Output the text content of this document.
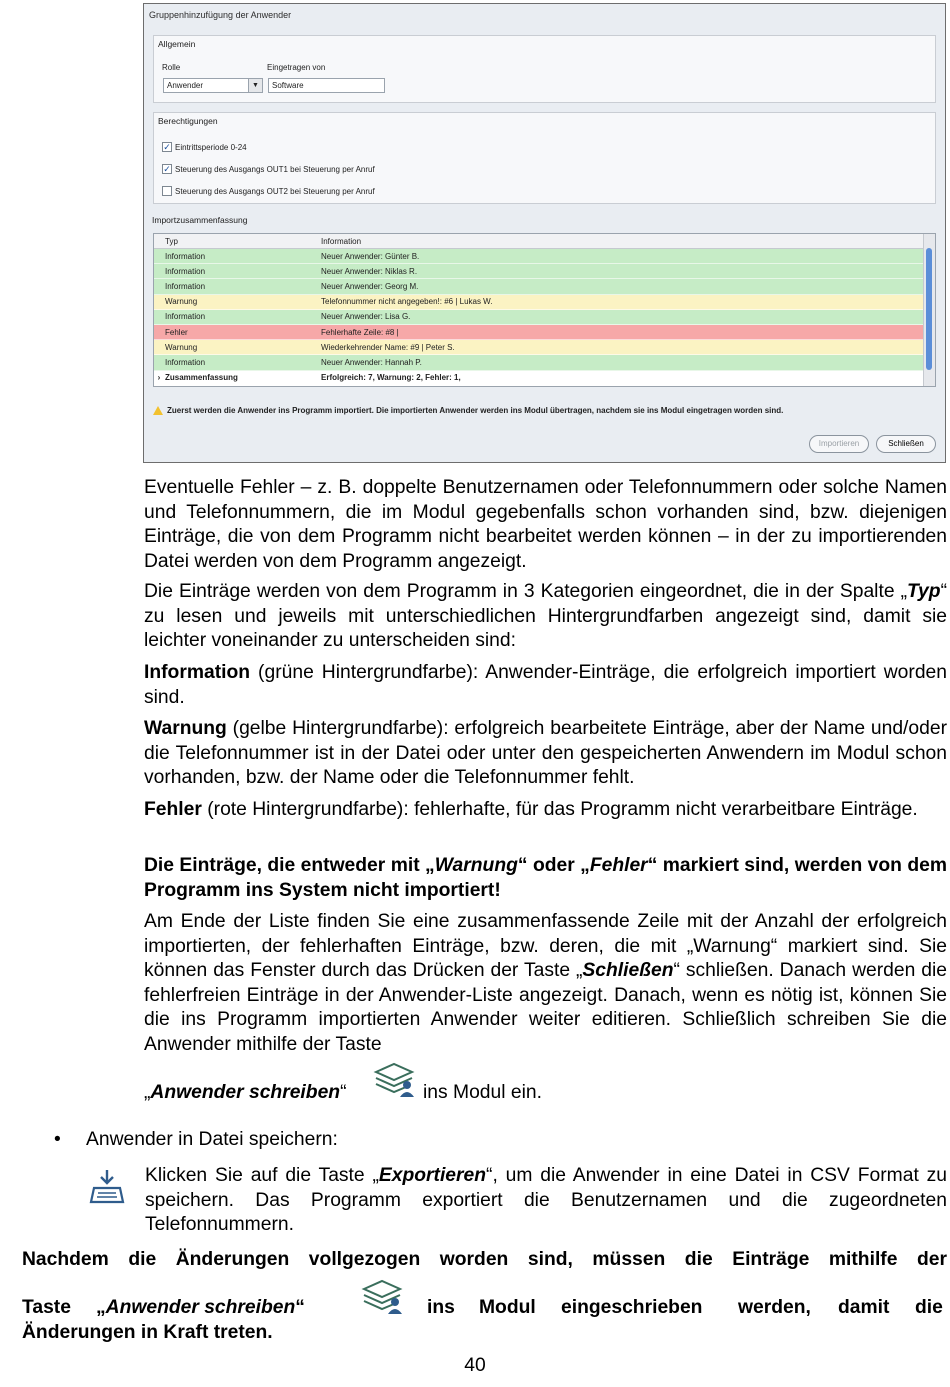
Gruppenhinzufügung der Anwender
Allgemein
Rolle
Anwender	▼
Eingetragen von
Software
Berechtigungen
✓ Eintrittsperiode 0-24
✓ Steuerung des Ausgangs OUT1 bei Steuerung per Anruf
Steuerung des Ausgangs OUT2 bei Steuerung per Anruf
Importzusammenfassung
Typ	Information
Information	Neuer Anwender: Günter B.
Information	Neuer Anwender: Niklas R.
Information	Neuer Anwender: Georg M.
Warnung	Telefonnummer nicht angegeben!: #6 | Lukas W.
Information	Neuer Anwender: Lisa G.
Fehler	Fehlerhafte Zeile: #8 |
Warnung	Wiederkehrender Name: #9 | Peter S.
Information	Neuer Anwender: Hannah P.
› Zusammenfassung	Erfolgreich: 7, Warnung: 2, Fehler: 1,
Zuerst werden die Anwender ins Programm importiert. Die importierten Anwender werden ins Modul übertragen, nachdem sie ins Modul eingetragen worden sind.
Importieren	Schließen
Eventuelle Fehler – z. B. doppelte Benutzernamen oder Telefonnummern oder solche Namen und Telefonnummern, die im Modul gegebenfalls schon vorhanden sind, bzw. diejenigen Einträge, die von dem Programm nicht bearbeitet werden können – in der zu importierenden Datei werden von dem Programm angezeigt.
Die Einträge werden von dem Programm in 3 Kategorien eingeordnet, die in der Spalte „Typ“ zu lesen und jeweils mit unterschiedlichen Hintergrundfarben angezeigt sind, damit sie leichter voneinander zu unterscheiden sind:
Information (grüne Hintergrundfarbe): Anwender-Einträge, die erfolgreich importiert worden sind.
Warnung (gelbe Hintergrundfarbe): erfolgreich bearbeitete Einträge, aber der Name und/oder die Telefonnummer ist in der Datei oder unter den gespeicherten Anwendern im Modul schon vorhanden, bzw. der Name oder die Telefonnummer fehlt.
Fehler (rote Hintergrundfarbe): fehlerhafte, für das Programm nicht verarbeitbare Einträge.
Die Einträge, die entweder mit „Warnung“ oder „Fehler“ markiert sind, werden von dem Programm ins System nicht importiert!
Am Ende der Liste finden Sie eine zusammenfassende Zeile mit der Anzahl der erfolgreich importierten, der fehlerhaften Einträge, bzw. deren, die mit „Warnung“ markiert sind. Sie können das Fenster durch das Drücken der Taste „Schließen“ schließen. Danach werden die fehlerfreien Einträge in der Anwender-Liste angezeigt. Danach, wenn es nötig ist, können Sie die ins Programm importierten Anwender weiter editieren. Schließlich schreiben Sie die Anwender mithilfe der Taste
„Anwender schreiben“	ins Modul ein.
• Anwender in Datei speichern:
Klicken Sie auf die Taste „Exportieren“, um die Anwender in eine Datei in CSV Format zu speichern. Das Programm exportiert die Benutzernamen und die zugeordneten Telefonnummern.
Nachdem die Änderungen vollgezogen worden sind, müssen die Einträge mithilfe der
Taste „Anwender schreiben“	ins Modul eingeschrieben werden, damit die
Änderungen in Kraft treten.
40
